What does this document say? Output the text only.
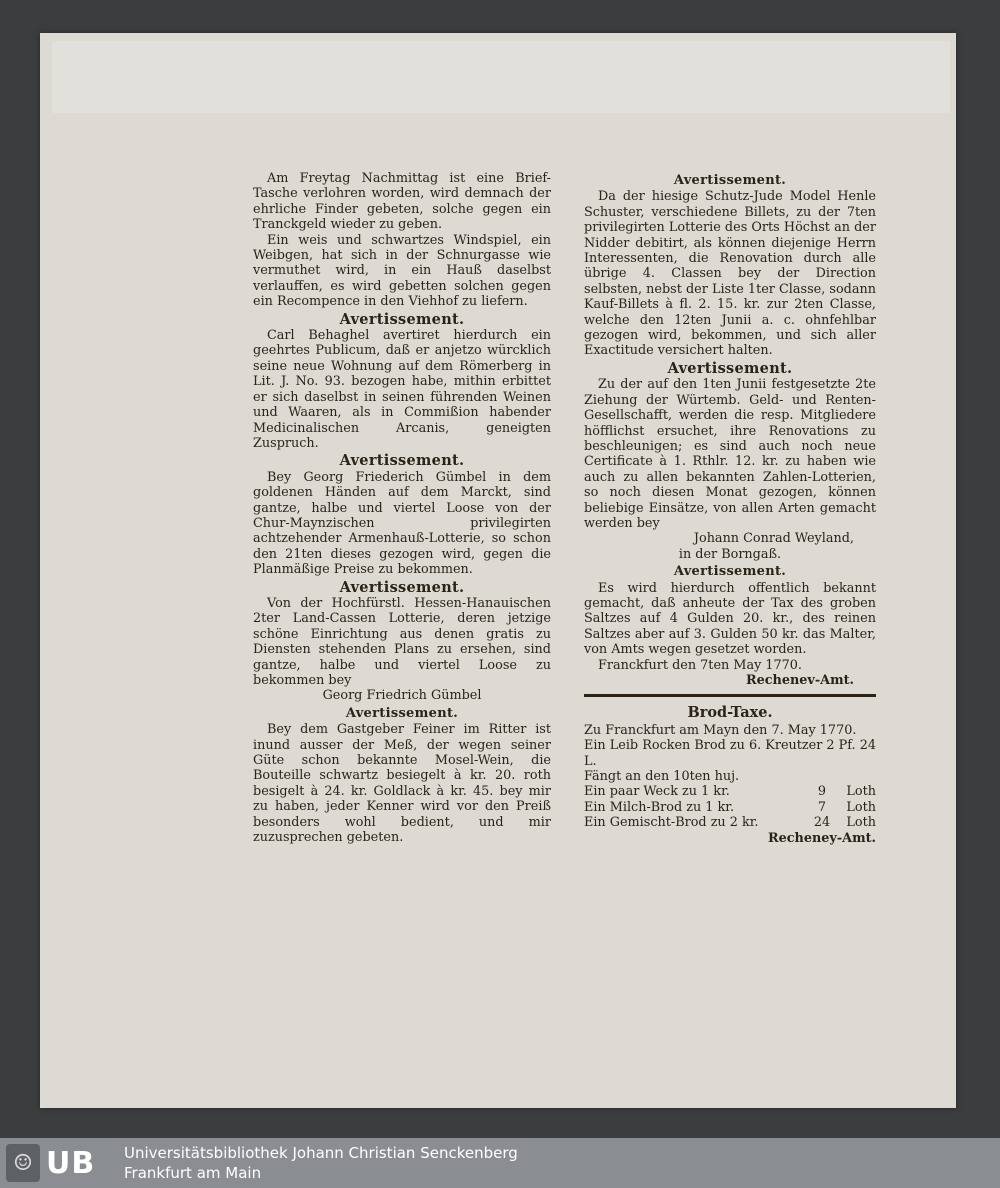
Am Freytag Nachmittag ist eine Brief-Tasche verlohren worden, wird demnach der ehrliche Finder gebeten, solche gegen ein Tranckgeld wieder zu geben.

Ein weis und schwartzes Windspiel, ein Weibgen, hat sich in der Schnurgasse wie vermuthet wird, in ein Hauß daselbst verlauffen, es wird gebetten solchen gegen ein Recompence in den Viehhof zu liefern.

Avertissement.

Carl Behaghel avertiret hierdurch ein geehrtes Publicum, daß er anjetzo würcklich seine neue Wohnung auf dem Römerberg in Lit. J. No. 93. bezogen habe, mithin erbittet er sich daselbst in seinen führenden Weinen und Waaren, als in Commißion habender Medicinalischen Arcanis, geneigten Zuspruch.

Avertissement.

Bey Georg Friederich Gümbel in dem goldenen Händen auf dem Marckt, sind gantze, halbe und viertel Loose von der Chur-Maynzischen privilegirten achtzehender Armenhauß-Lotterie, so schon den 21ten dieses gezogen wird, gegen die Planmäßige Preise zu bekommen.

Avertissement.

Von der Hochfürstl. Hessen-Hanauischen 2ter Land-Cassen Lotterie, deren jetzige schöne Einrichtung aus denen gratis zu Diensten stehenden Plans zu ersehen, sind gantze, halbe und viertel Loose zu bekommen bey

Georg Friedrich Gümbel

Avertissement.

Bey dem Gastgeber Feiner im Ritter ist inund ausser der Meß, der wegen seiner Güte schon bekannte Mosel-Wein, die Bouteille schwartz besiegelt à kr. 20. roth besigelt à 24. kr. Goldlack à kr. 45. bey mir zu haben, jeder Kenner wird vor den Preiß besonders wohl bedient, und mir zuzusprechen gebeten.

Avertissement.

Da der hiesige Schutz-Jude Model Henle Schuster, verschiedene Billets, zu der 7ten privilegirten Lotterie des Orts Höchst an der Nidder debitirt, als können diejenige Herrn Interessenten, die Renovation durch alle übrige 4. Classen bey der Direction selbsten, nebst der Liste 1ter Classe, sodann Kauf-Billets à fl. 2. 15. kr. zur 2ten Classe, welche den 12ten Junii a. c. ohnfehlbar gezogen wird, bekommen, und sich aller Exactitude versichert halten.

Avertissement.

Zu der auf den 1ten Junii festgesetzte 2te Ziehung der Würtemb. Geld- und Renten-Gesellschafft, werden die resp. Mitgliedere höfflichst ersuchet, ihre Renovations zu beschleunigen; es sind auch noch neue Certificate à 1. Rthlr. 12. kr. zu haben wie auch zu allen bekannten Zahlen-Lotterien, so noch diesen Monat gezogen, können beliebige Einsätze, von allen Arten gemacht werden bey

Johann Conrad Weyland,

in der Borngaß.

Avertissement.

Es wird hierdurch offentlich bekannt gemacht, daß anheute der Tax des groben Saltzes auf 4 Gulden 20. kr., des reinen Saltzes aber auf 3. Gulden 50 kr. das Malter, von Amts wegen gesetzet worden.

Franckfurt den 7ten May 1770.

Rechenev-Amt.

Brod-Taxe.

Zu Franckfurt am Mayn den 7. May 1770.

Ein Leib Rocken Brod zu 6. Kreutzer 2 Pf. 24 L.

Fängt an den 10ten huj.

Ein paar Weck zu 1 kr.	9	Loth
Ein Milch-Brod zu 1 kr.	7	Loth
Ein Gemischt-Brod zu 2 kr.	24	Loth

Recheney-Amt.

☺ UB Universitätsbibliothek Johann Christian Senckenberg
Frankfurt am Main
